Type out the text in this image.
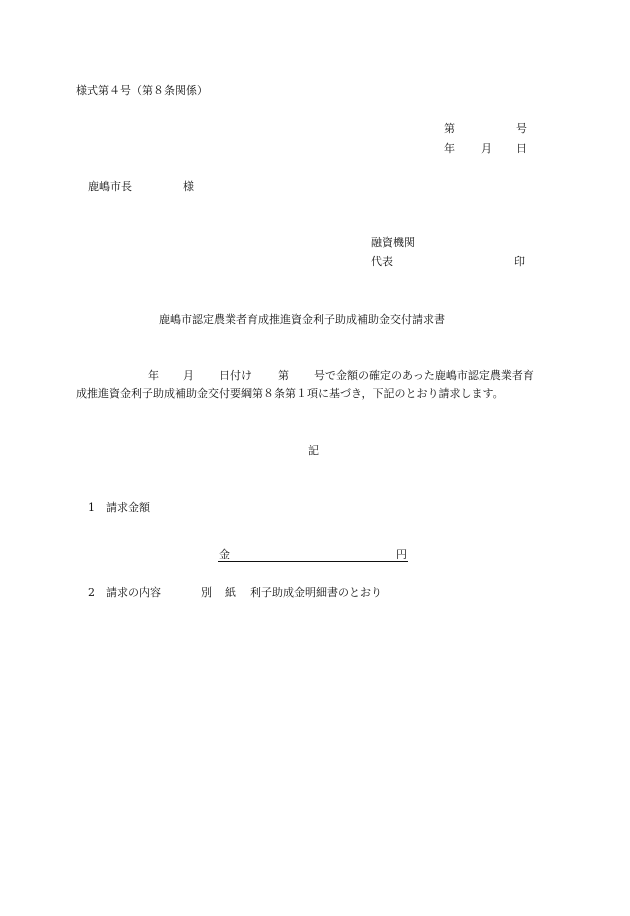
様式第４号（第８条関係）
第	号
年 月 日
鹿嶋市長	様
融資機関
代表	印
鹿嶋市認定農業者育成推進資金利子助成補助金交付請求書
年 月 日付け 第 号で金額の確定のあった鹿嶋市認定農業者育
成推進資金利子助成補助金交付要綱第８条第１項に基づき，下記のとおり請求します。
記
1 請求金額
金	円
2 請求の内容	別 紙 利子助成金明細書のとおり
